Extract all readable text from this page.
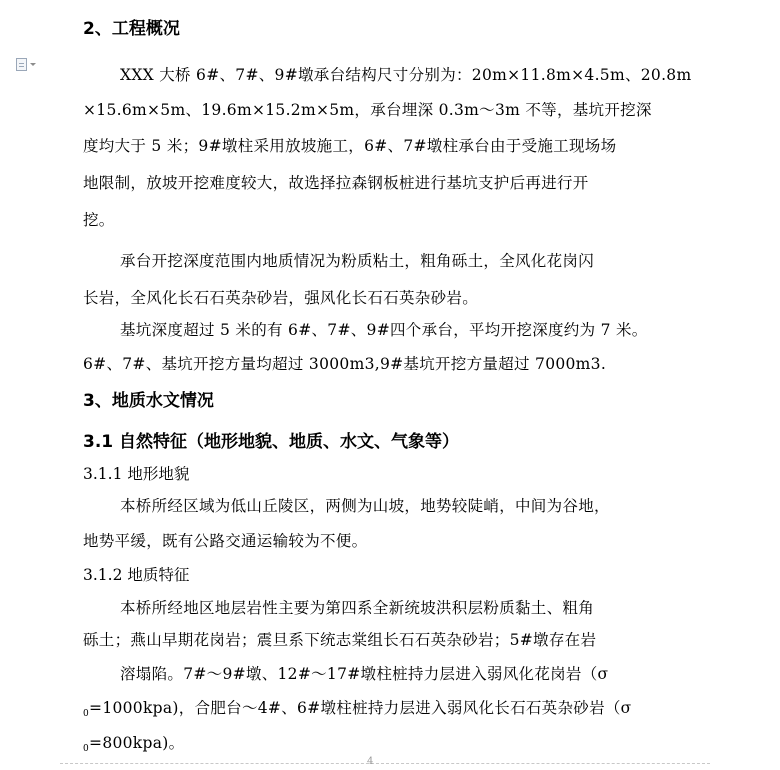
2、工程概况
XXX 大桥 6#、7#、9#墩承台结构尺寸分别为：20m×11.8m×4.5m、20.8m
×15.6m×5m、19.6m×15.2m×5m，承台埋深 0.3m～3m 不等，基坑开挖深
度均大于 5 米；9#墩柱采用放坡施工，6#、7#墩柱承台由于受施工现场场
地限制，放坡开挖难度较大，故选择拉森钢板桩进行基坑支护后再进行开
挖。
承台开挖深度范围内地质情况为粉质粘土，粗角砾土，全风化花岗闪
长岩，全风化长石石英杂砂岩，强风化长石石英杂砂岩。
基坑深度超过 5 米的有 6#、7#、9#四个承台，平均开挖深度约为 7 米。
6#、7#、基坑开挖方量均超过 3000m3,9#基坑开挖方量超过 7000m3.
3、地质水文情况
3.1 自然特征（地形地貌、地质、水文、气象等）
3.1.1 地形地貌
本桥所经区域为低山丘陵区，两侧为山坡，地势较陡峭，中间为谷地，
地势平缓，既有公路交通运输较为不便。
3.1.2 地质特征
本桥所经地区地层岩性主要为第四系全新统坡洪积层粉质黏土、粗角
砾土；燕山早期花岗岩；震旦系下统志棠组长石石英杂砂岩；5#墩存在岩
溶塌陷。7#～9#墩、12#～17#墩柱桩持力层进入弱风化花岗岩（σ
$_0$=1000kpa)，合肥台～4#、6#墩柱桩持力层进入弱风化长石石英杂砂岩（σ
$_0$=800kpa)。
4
